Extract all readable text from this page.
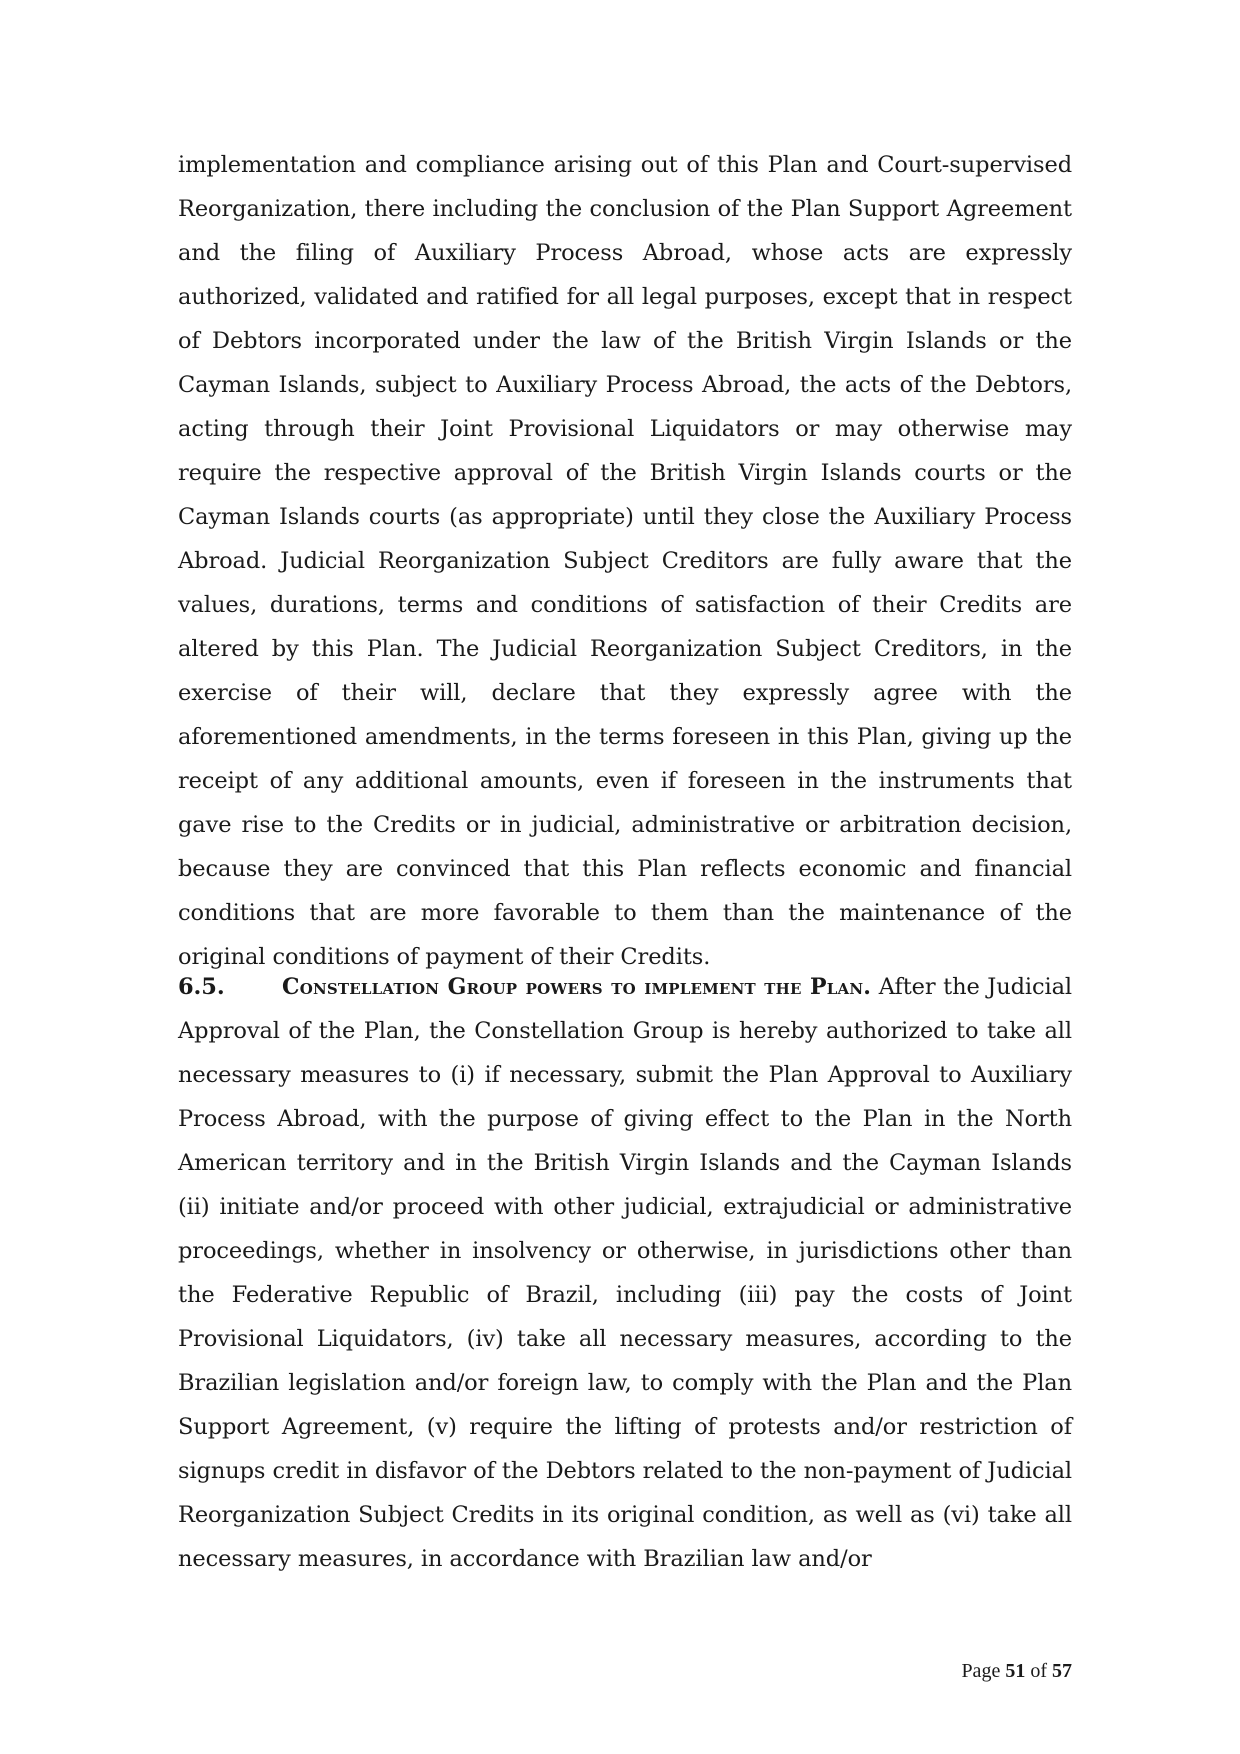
implementation and compliance arising out of this Plan and Court-supervised Reorganization, there including the conclusion of the Plan Support Agreement and the filing of Auxiliary Process Abroad, whose acts are expressly authorized, validated and ratified for all legal purposes, except that in respect of Debtors incorporated under the law of the British Virgin Islands or the Cayman Islands, subject to Auxiliary Process Abroad, the acts of the Debtors, acting through their Joint Provisional Liquidators or may otherwise may require the respective approval of the British Virgin Islands courts or the Cayman Islands courts (as appropriate) until they close the Auxiliary Process Abroad. Judicial Reorganization Subject Creditors are fully aware that the values, durations, terms and conditions of satisfaction of their Credits are altered by this Plan. The Judicial Reorganization Subject Creditors, in the exercise of their will, declare that they expressly agree with the aforementioned amendments, in the terms foreseen in this Plan, giving up the receipt of any additional amounts, even if foreseen in the instruments that gave rise to the Credits or in judicial, administrative or arbitration decision, because they are convinced that this Plan reflects economic and financial conditions that are more favorable to them than the maintenance of the original conditions of payment of their Credits.

6.5.	Constellation Group powers to implement the Plan. After the Judicial Approval of the Plan, the Constellation Group is hereby authorized to take all necessary measures to (i) if necessary, submit the Plan Approval to Auxiliary Process Abroad, with the purpose of giving effect to the Plan in the North American territory and in the British Virgin Islands and the Cayman Islands (ii) initiate and/or proceed with other judicial, extrajudicial or administrative proceedings, whether in insolvency or otherwise, in jurisdictions other than the Federative Republic of Brazil, including (iii) pay the costs of Joint Provisional Liquidators, (iv) take all necessary measures, according to the Brazilian legislation and/or foreign law, to comply with the Plan and the Plan Support Agreement, (v) require the lifting of protests and/or restriction of signups credit in disfavor of the Debtors related to the non-payment of Judicial Reorganization Subject Credits in its original condition, as well as (vi) take all necessary measures, in accordance with Brazilian law and/or

Page 51 of 57
